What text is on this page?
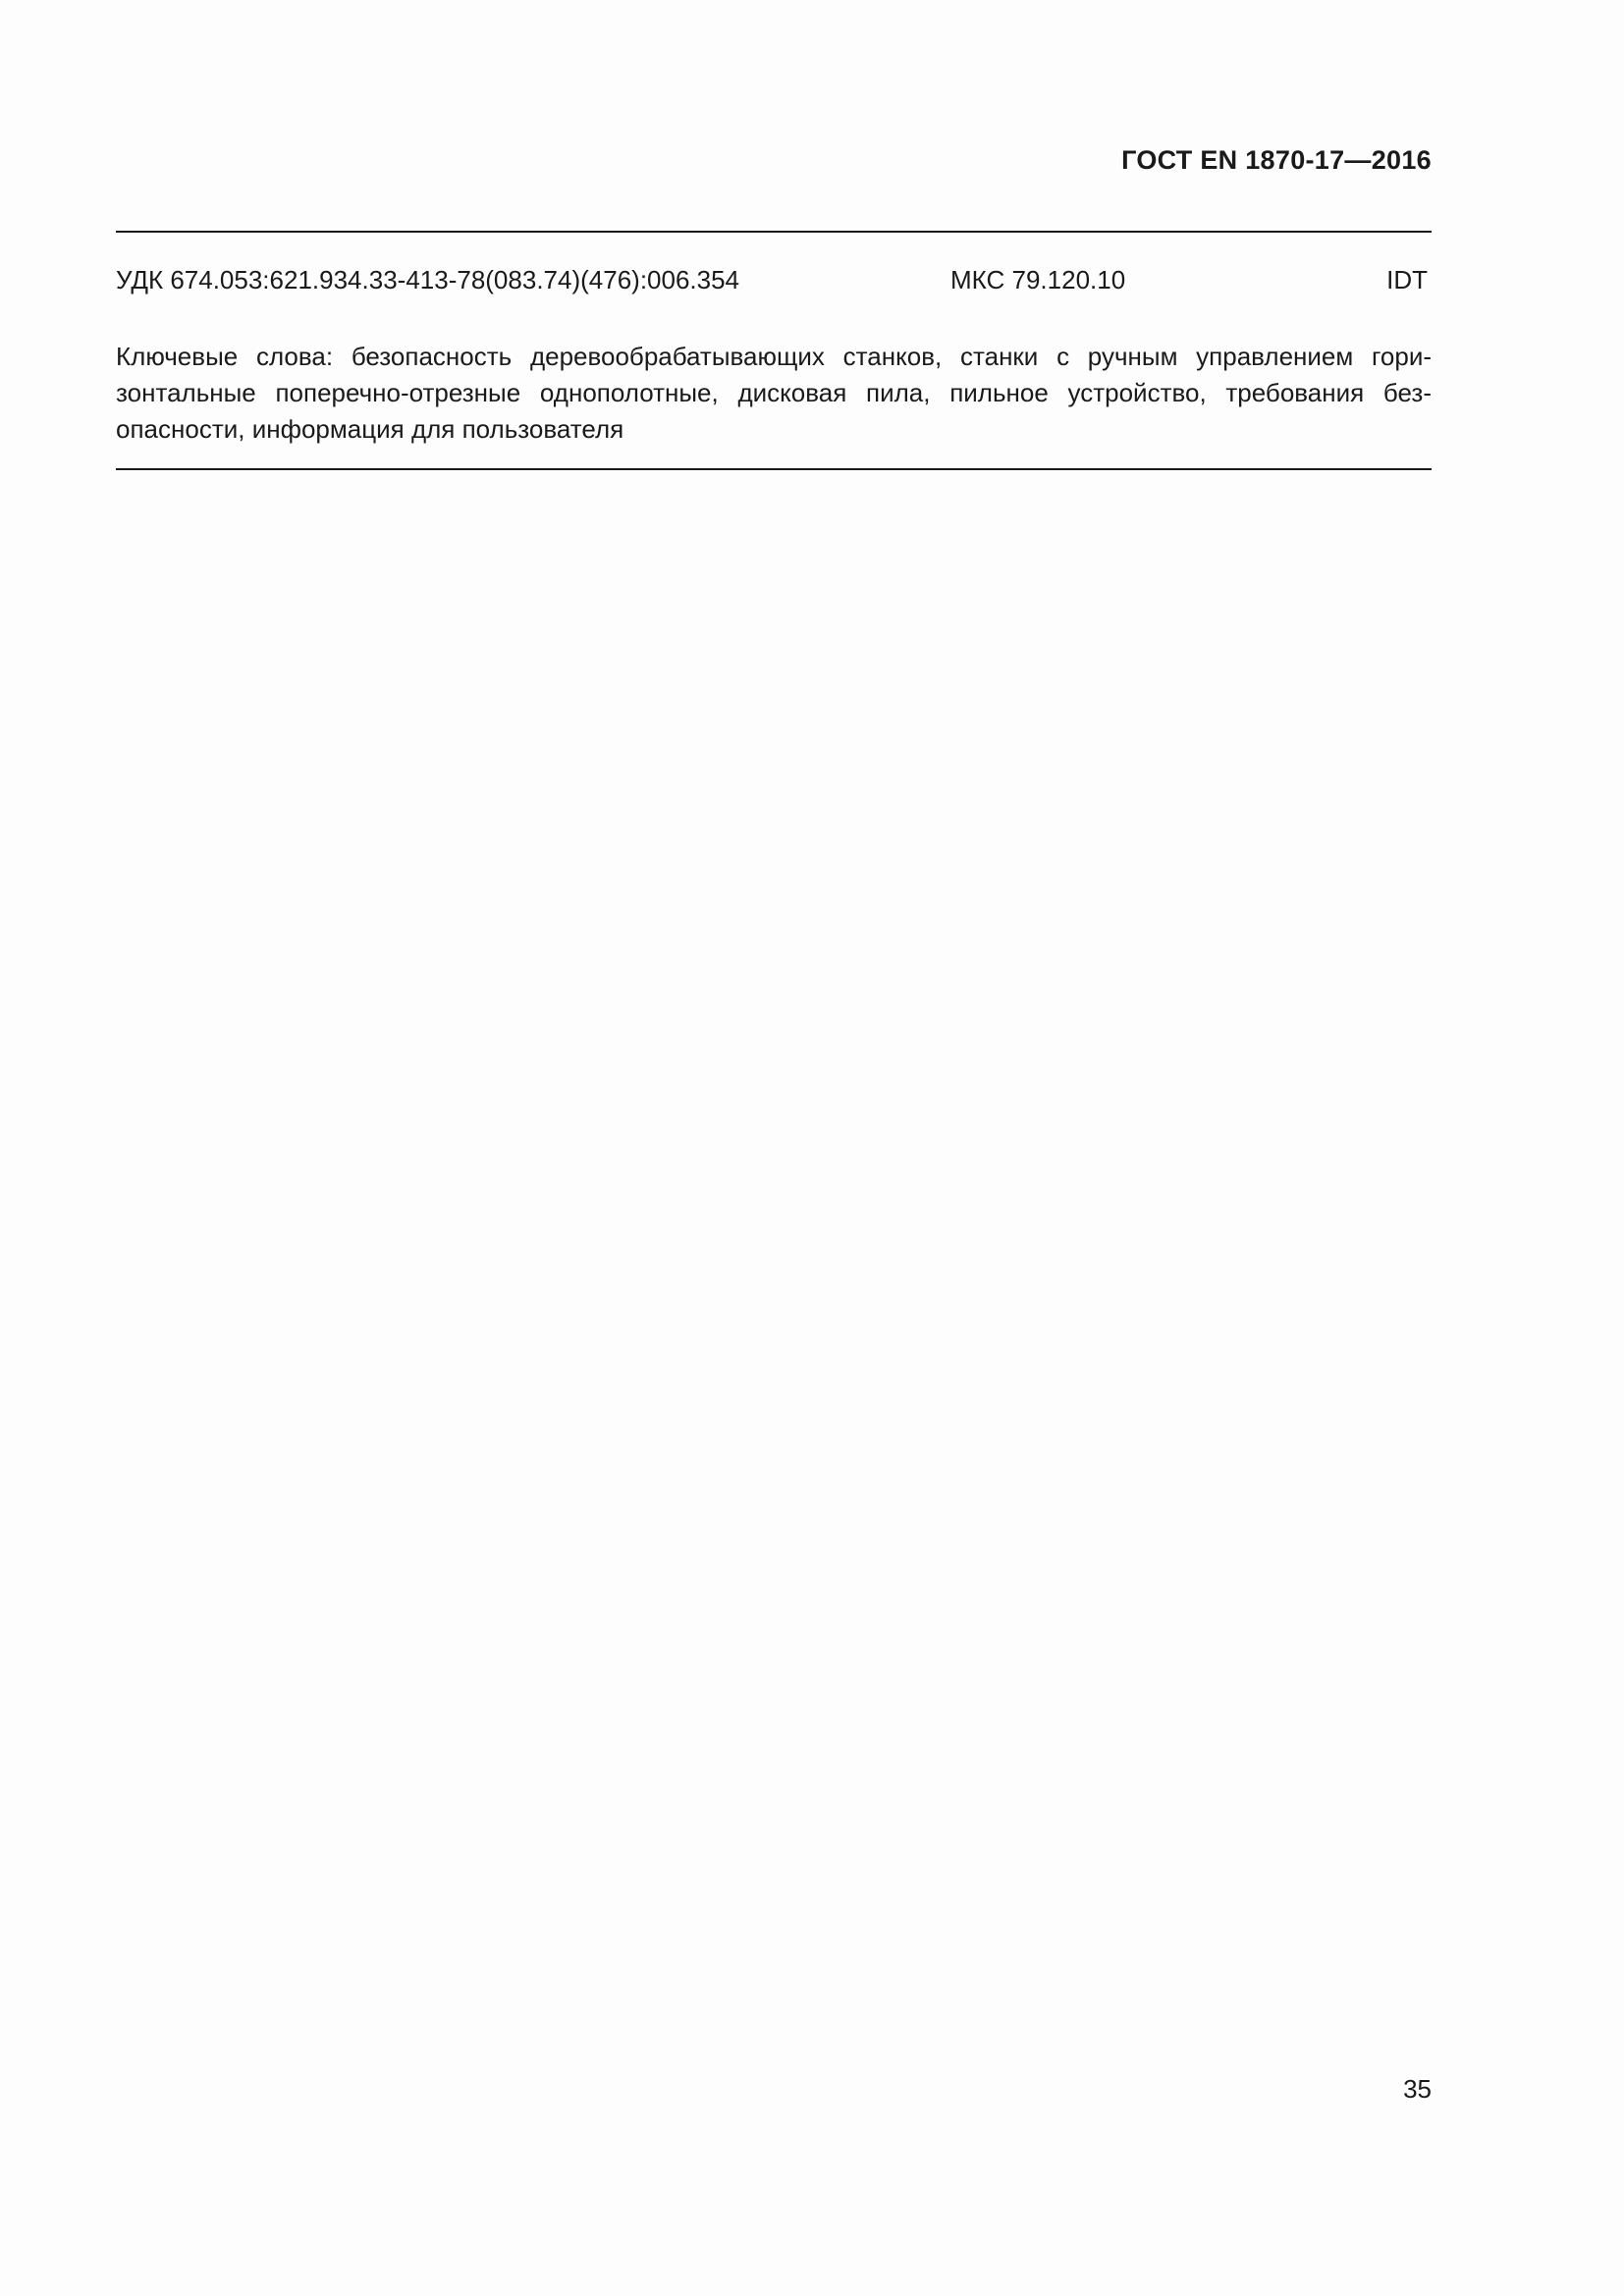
ГОСТ EN 1870-17—2016
УДК 674.053:621.934.33-413-78(083.74)(476):006.354	МКС 79.120.10	IDT
Ключевые слова: безопасность деревообрабатывающих станков, станки с ручным управлением гори-
зонтальные поперечно-отрезные однополотные, дисковая пила, пильное устройство, требования без-
опасности, информация для пользователя
35
